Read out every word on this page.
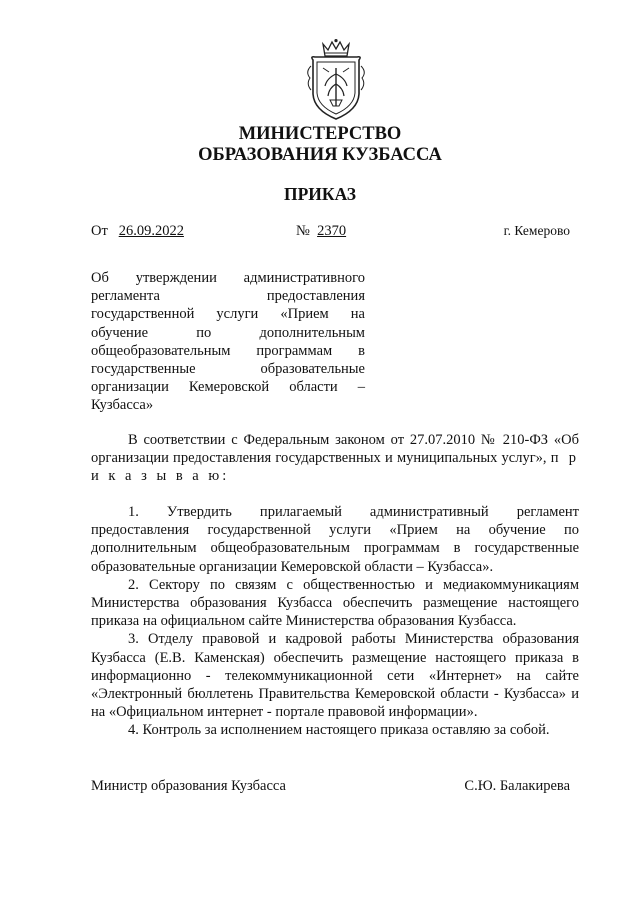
МИНИСТЕРСТВО
ОБРАЗОВАНИЯ КУЗБАССА
ПРИКАЗ
От 26.09.2022	№ 2370	г. Кемерово

Об утверждении административного регламента предоставления государственной услуги «Прием на обучение по дополнительным общеобразовательным программам в государственные образовательные организации Кемеровской области – Кузбасса»

В соответствии с Федеральным законом от 27.07.2010 № 210-ФЗ «Об организации предоставления государственных и муниципальных услуг», п р и к а з ы в а ю:

1. Утвердить прилагаемый административный регламент предоставления государственной услуги «Прием на обучение по дополнительным общеобразовательным программам в государственные образовательные организации Кемеровской области – Кузбасса».

2. Сектору по связям с общественностью и медиакоммуникациям Министерства образования Кузбасса обеспечить размещение настоящего приказа на официальном сайте Министерства образования Кузбасса.

3. Отделу правовой и кадровой работы Министерства образования Кузбасса (Е.В. Каменская) обеспечить размещение настоящего приказа в информационно - телекоммуникационной сети «Интернет» на сайте «Электронный бюллетень Правительства Кемеровской области - Кузбасса» и на «Официальном интернет - портале правовой информации».

4. Контроль за исполнением настоящего приказа оставляю за собой.

Министр образования Кузбасса	С.Ю. Балакирева
